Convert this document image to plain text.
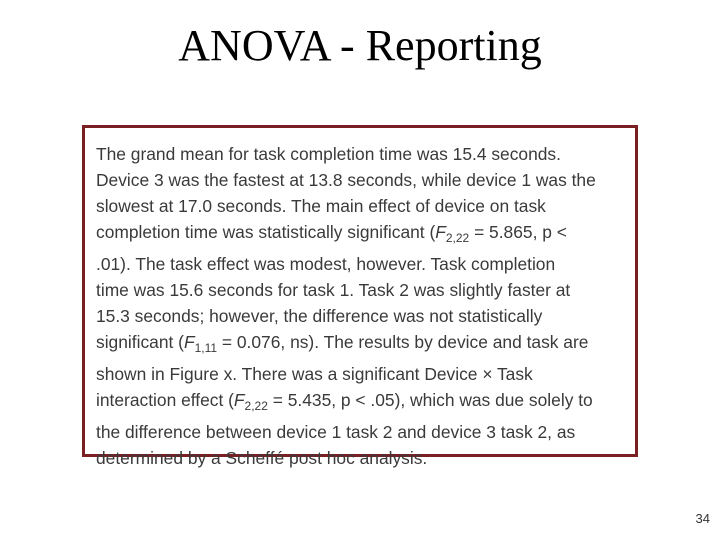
ANOVA - Reporting

The grand mean for task completion time was 15.4 seconds.
Device 3 was the fastest at 13.8 seconds, while device 1 was the
slowest at 17.0 seconds. The main effect of device on task
completion time was statistically significant ($F_{2,22} = 5.865$, p <
.01). The task effect was modest, however. Task completion
time was 15.6 seconds for task 1. Task 2 was slightly faster at
15.3 seconds; however, the difference was not statistically
significant ($F_{1,11} = 0.076$, ns). The results by device and task are
shown in Figure x. There was a significant Device × Task
interaction effect ($F_{2,22} = 5.435$, p < .05), which was due solely to
the difference between device 1 task 2 and device 3 task 2, as
determined by a Scheffé post hoc analysis.

34
